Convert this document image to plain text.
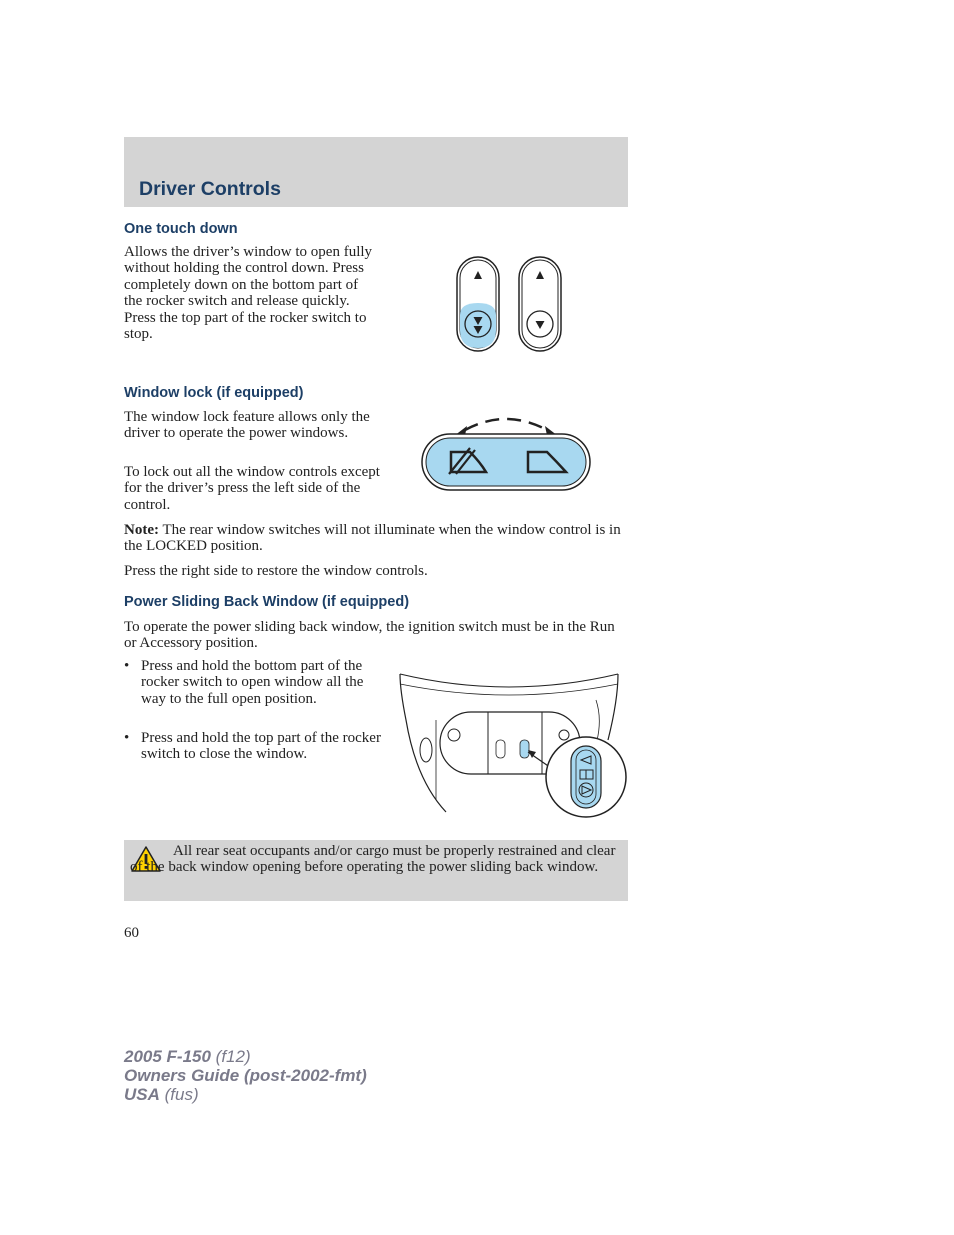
Driver Controls
One touch down

Allows the driver’s window to open fully without holding the control down. Press completely down on the bottom part of the rocker switch and release quickly. Press the top part of the rocker switch to stop.

Window lock (if equipped)

The window lock feature allows only the driver to operate the power windows.

To lock out all the window controls except for the driver’s press the left side of the control.

Note: The rear window switches will not illuminate when the window control is in the LOCKED position.

Press the right side to restore the window controls.

Power Sliding Back Window (if equipped)

To operate the power sliding back window, the ignition switch must be in the Run or Accessory position.

• Press and hold the bottom part of the rocker switch to open window all the way to the full open position.
• Press and hold the top part of the rocker switch to close the window.

All rear seat occupants and/or cargo must be properly restrained and clear of the back window opening before operating the power sliding back window.

60
2005 F-150 (f12)
Owners Guide (post-2002-fmt)
USA (fus)
